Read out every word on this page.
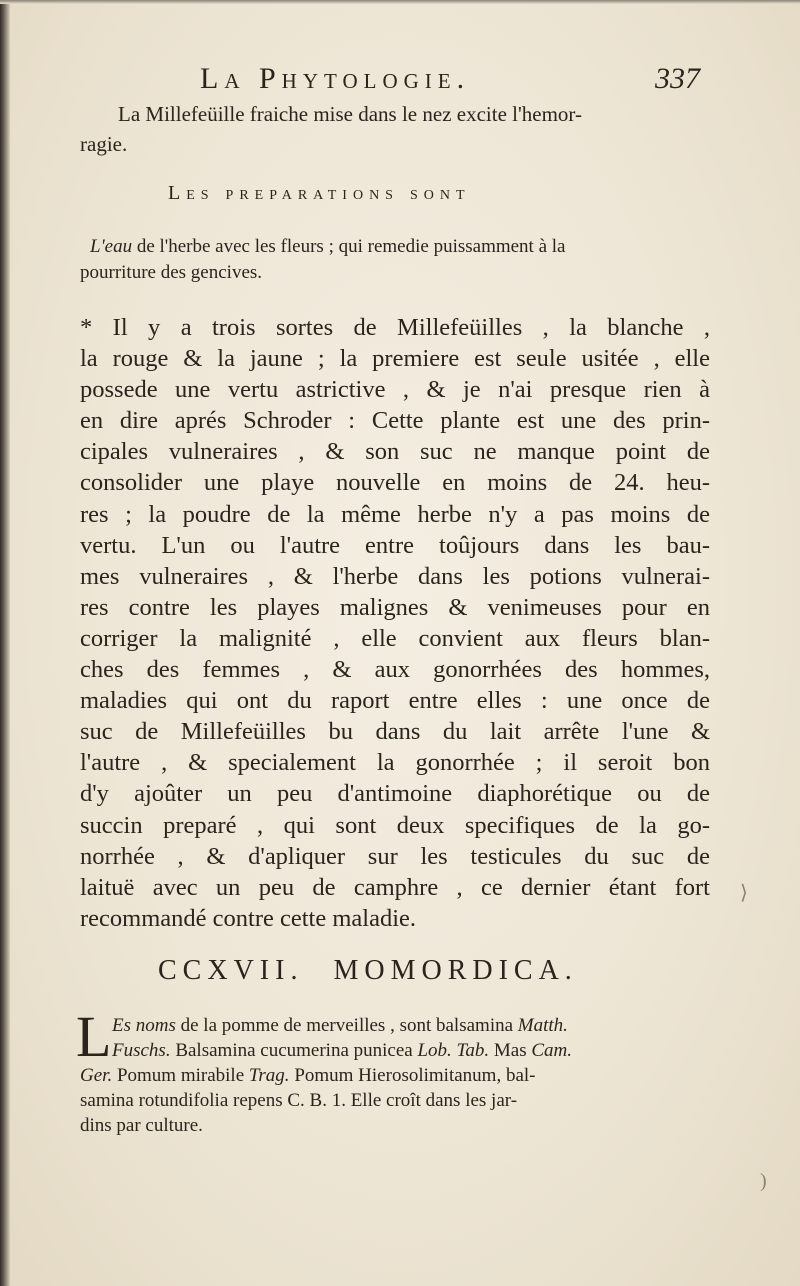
La Phytologie.	337
La Millefeüille fraiche mise dans le nez excite l'hemor-
ragie.
Les preparations sont
L'eau de l'herbe avec les fleurs ; qui remedie puissamment à la
pourriture des gencives.
* Il y a trois sortes de Millefeüilles , la blanche ,
la rouge & la jaune ; la premiere est seule usitée , elle
possede une vertu astrictive , & je n'ai presque rien à
en dire aprés Schroder : Cette plante est une des prin-
cipales vulneraires , & son suc ne manque point de
consolider une playe nouvelle en moins de 24. heu-
res ; la poudre de la même herbe n'y a pas moins de
vertu. L'un ou l'autre entre toûjours dans les bau-
mes vulneraires , & l'herbe dans les potions vulnerai-
res contre les playes malignes & venimeuses pour en
corriger la malignité , elle convient aux fleurs blan-
ches des femmes , & aux gonorrhées des hommes,
maladies qui ont du raport entre elles : une once de
suc de Millefeüilles bu dans du lait arrête l'une &
l'autre , & specialement la gonorrhée ; il seroit bon
d'y ajoûter un peu d'antimoine diaphorétique ou de
succin preparé , qui sont deux specifiques de la go-
norrhée , & d'apliquer sur les testicules du suc de
laituë avec un peu de camphre , ce dernier étant fort
recommandé contre cette maladie.
CCXVII. MOMORDICA.
L Es noms de la pomme de merveilles , sont balsamina Matth.
Fuschs. Balsamina cucumerina punicea Lob. Tab. Mas Cam.
Ger. Pomum mirabile Trag. Pomum Hierosolimitanum, bal-
samina rotundifolia repens C. B. 1. Elle croît dans les jar-
dins par culture.
⟩
)
